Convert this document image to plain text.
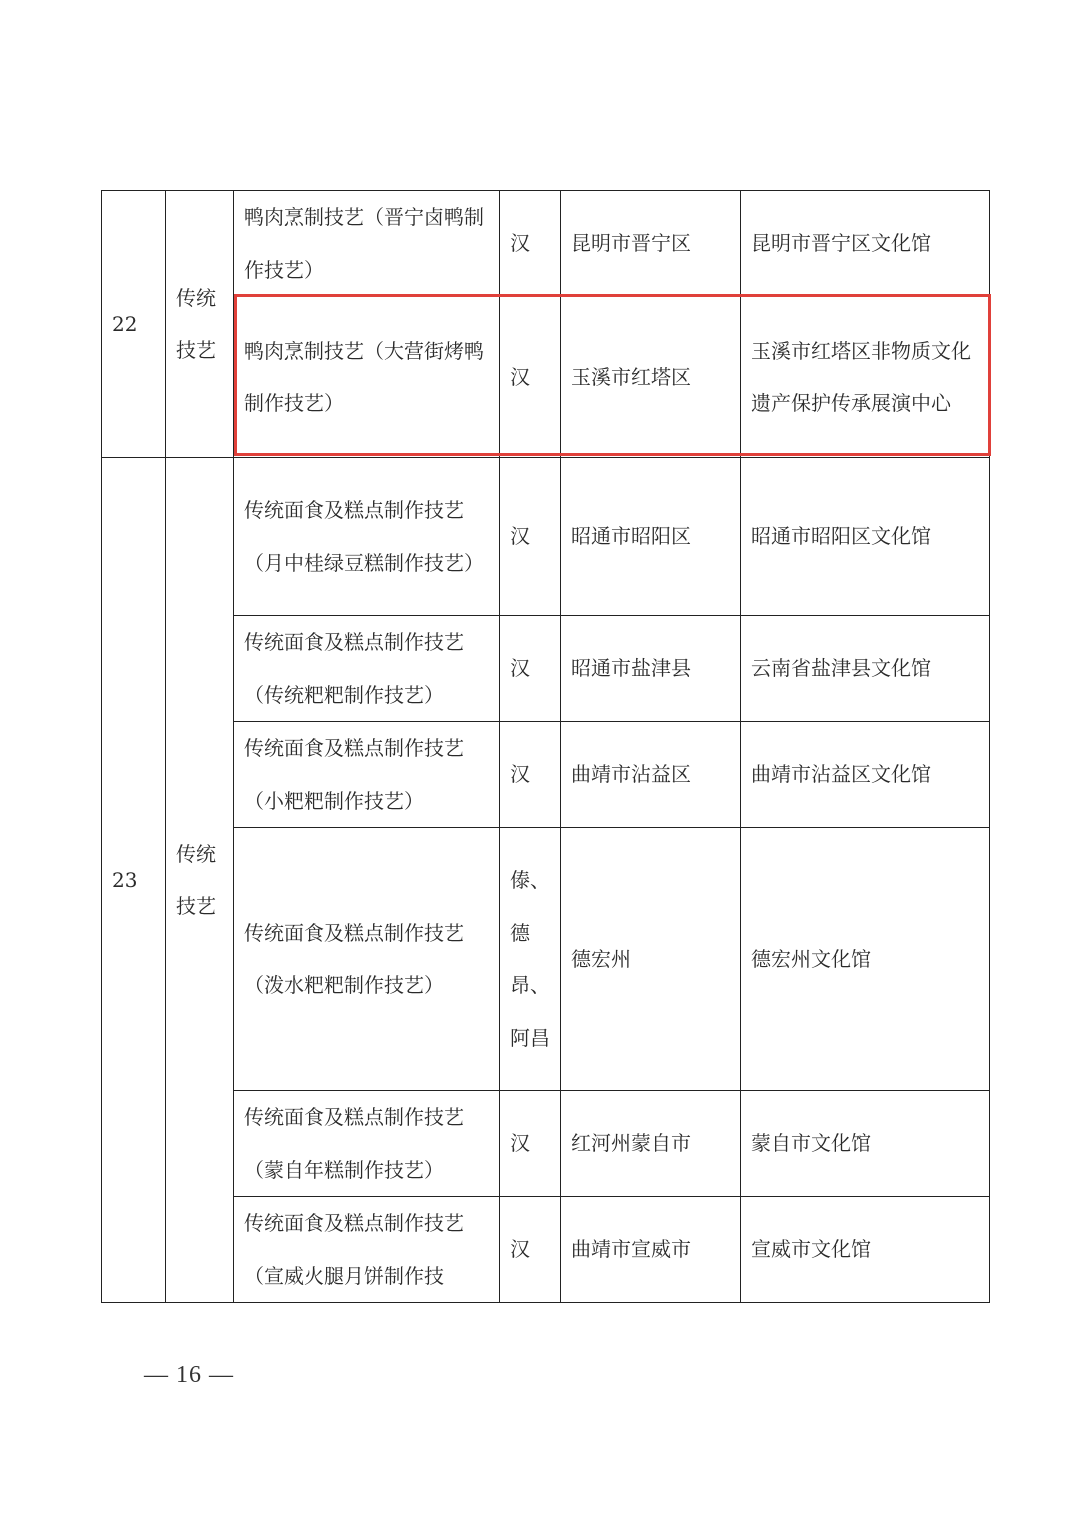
22	传统技艺	鸭肉烹制技艺（晋宁卤鸭制作技艺）	汉	昆明市晋宁区	昆明市晋宁区文化馆
		鸭肉烹制技艺（大营街烤鸭制作技艺）	汉	玉溪市红塔区	玉溪市红塔区非物质文化遗产保护传承展演中心
23	传统技艺	传统面食及糕点制作技艺（月中桂绿豆糕制作技艺）	汉	昭通市昭阳区	昭通市昭阳区文化馆
		传统面食及糕点制作技艺（传统粑粑制作技艺）	汉	昭通市盐津县	云南省盐津县文化馆
		传统面食及糕点制作技艺（小粑粑制作技艺）	汉	曲靖市沾益区	曲靖市沾益区文化馆
		传统面食及糕点制作技艺（泼水粑粑制作技艺）	傣、德昂、阿昌	德宏州	德宏州文化馆
		传统面食及糕点制作技艺（蒙自年糕制作技艺）	汉	红河州蒙自市	蒙自市文化馆
		传统面食及糕点制作技艺（宣威火腿月饼制作技	汉	曲靖市宣威市	宣威市文化馆
— 16 —
